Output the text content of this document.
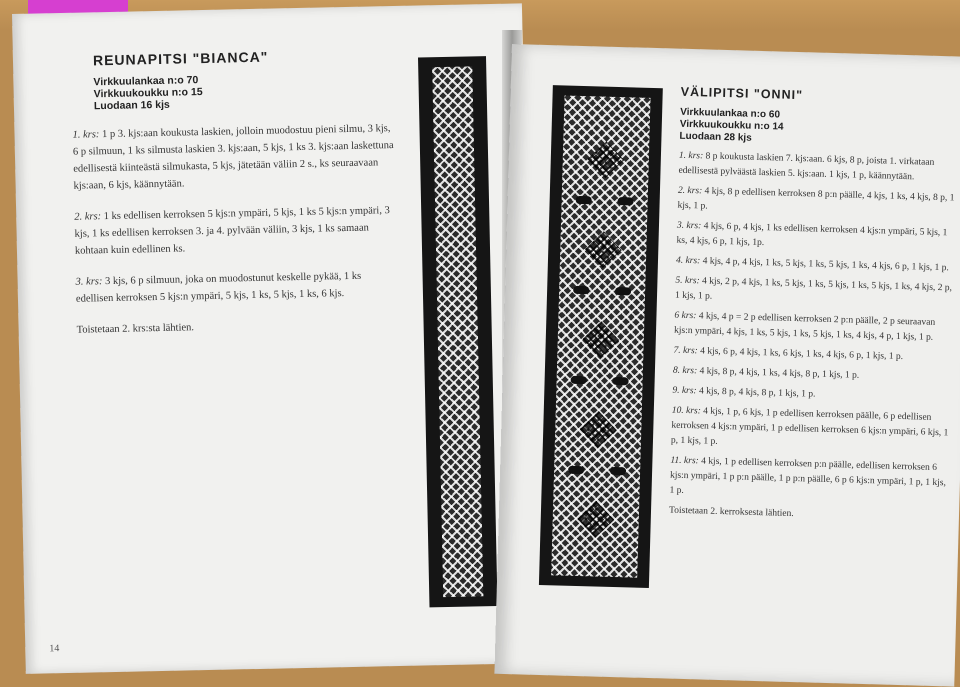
REUNAPITSI "BIANCA"
Virkkuulankaa n:o 70
Virkkuukoukku n:o 15
Luodaan 16 kjs

1. krs: 1 p 3. kjs:aan koukusta laskien, jolloin muodostuu pieni silmu, 3 kjs, 6 p silmuun, 1 ks silmusta laskien 3. kjs:aan, 5 kjs, 1 ks 3. kjs:aan laskettuna edellisestä kiinteästä silmukasta, 5 kjs, jätetään väliin 2 s., ks seuraavaan kjs:aan, 6 kjs, käännytään.

2. krs: 1 ks edellisen kerroksen 5 kjs:n ympäri, 5 kjs, 1 ks 5 kjs:n ympäri, 3 kjs, 1 ks edellisen kerroksen 3. ja 4. pylvään väliin, 3 kjs, 1 ks samaan kohtaan kuin edellinen ks.

3. krs: 3 kjs, 6 p silmuun, joka on muodostunut keskelle pykää, 1 ks edellisen kerroksen 5 kjs:n ympäri, 5 kjs, 1 ks, 5 kjs, 1 ks, 6 kjs.

Toistetaan 2. krs:sta lähtien.

14
VÄLIPITSI "ONNI"
Virkkuulankaa n:o 60
Virkkuukoukku n:o 14
Luodaan 28 kjs

1. krs: 8 p koukusta laskien 7. kjs:aan. 6 kjs, 8 p, joista 1. virkataan edellisestä pylväästä laskien 5. kjs:aan. 1 kjs, 1 p, käännytään.

2. krs: 4 kjs, 8 p edellisen kerroksen 8 p:n päälle, 4 kjs, 1 ks, 4 kjs, 8 p, 1 kjs, 1 p.

3. krs: 4 kjs, 6 p, 4 kjs, 1 ks edellisen kerroksen 4 kjs:n ympäri, 5 kjs, 1 ks, 4 kjs, 6 p, 1 kjs, 1p.

4. krs: 4 kjs, 4 p, 4 kjs, 1 ks, 5 kjs, 1 ks, 5 kjs, 1 ks, 4 kjs, 6 p, 1 kjs, 1 p.

5. krs: 4 kjs, 2 p, 4 kjs, 1 ks, 5 kjs, 1 ks, 5 kjs, 1 ks, 5 kjs, 1 ks, 4 kjs, 2 p, 1 kjs, 1 p.

6 krs: 4 kjs, 4 p = 2 p edellisen kerroksen 2 p:n päälle, 2 p seuraavan kjs:n ympäri, 4 kjs, 1 ks, 5 kjs, 1 ks, 5 kjs, 1 ks, 4 kjs, 4 p, 1 kjs, 1 p.

7. krs: 4 kjs, 6 p, 4 kjs, 1 ks, 6 kjs, 1 ks, 4 kjs, 6 p, 1 kjs, 1 p.

8. krs: 4 kjs, 8 p, 4 kjs, 1 ks, 4 kjs, 8 p, 1 kjs, 1 p.

9. krs: 4 kjs, 8 p, 4 kjs, 8 p, 1 kjs, 1 p.

10. krs: 4 kjs, 1 p, 6 kjs, 1 p edellisen kerroksen päälle, 6 p edellisen kerroksen 4 kjs:n ympäri, 1 p edellisen kerroksen 6 kjs:n ympäri, 6 kjs, 1 p, 1 kjs, 1 p.

11. krs: 4 kjs, 1 p edellisen kerroksen p:n päälle, edellisen kerroksen 6 kjs:n ympäri, 1 p p:n päälle, 1 p p:n päälle, 6 p 6 kjs:n ympäri, 1 p, 1 kjs, 1 p.

Toistetaan 2. kerroksesta lähtien.
